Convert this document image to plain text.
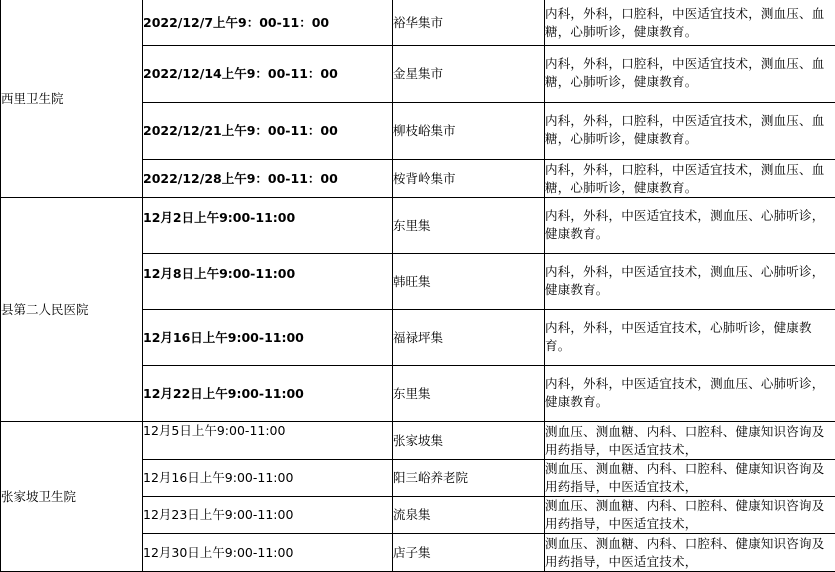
西里卫生院	2022/12/7上午9：00-11：00	裕华集市	内科，外科，口腔科，中医适宜技术，测血压、血糖，心肺听诊，健康教育。
	2022/12/14上午9：00-11：00	金星集市	内科，外科，口腔科，中医适宜技术，测血压、血糖，心肺听诊，健康教育。
	2022/12/21上午9：00-11：00	柳枝峪集市	内科，外科，口腔科，中医适宜技术，测血压、血糖，心肺听诊，健康教育。
	2022/12/28上午9：00-11：00	桉背岭集市	内科，外科，口腔科，中医适宜技术，测血压、血糖，心肺听诊，健康教育。
县第二人民医院	12月2日上午9:00-11:00	东里集	内科，外科，中医适宜技术，测血压、心肺听诊，健康教育。
	12月8日上午9:00-11:00	韩旺集	内科，外科，中医适宜技术，测血压、心肺听诊，健康教育。
	12月16日上午9:00-11:00	福禄坪集	内科，外科，中医适宜技术，心肺听诊，健康教育。
	12月22日上午9:00-11:00	东里集	内科，外科，中医适宜技术，测血压、心肺听诊，健康教育。
张家坡卫生院	12月5日上午9:00-11:00	张家坡集	测血压、测血糖、内科、口腔科、健康知识咨询及用药指导，中医适宜技术，
	12月16日上午9:00-11:00	阳三峪养老院	测血压、测血糖、内科、口腔科、健康知识咨询及用药指导，中医适宜技术，
	12月23日上午9:00-11:00	流泉集	测血压、测血糖、内科、口腔科、健康知识咨询及用药指导，中医适宜技术，
	12月30日上午9:00-11:00	店子集	测血压、测血糖、内科、口腔科、健康知识咨询及用药指导，中医适宜技术，
